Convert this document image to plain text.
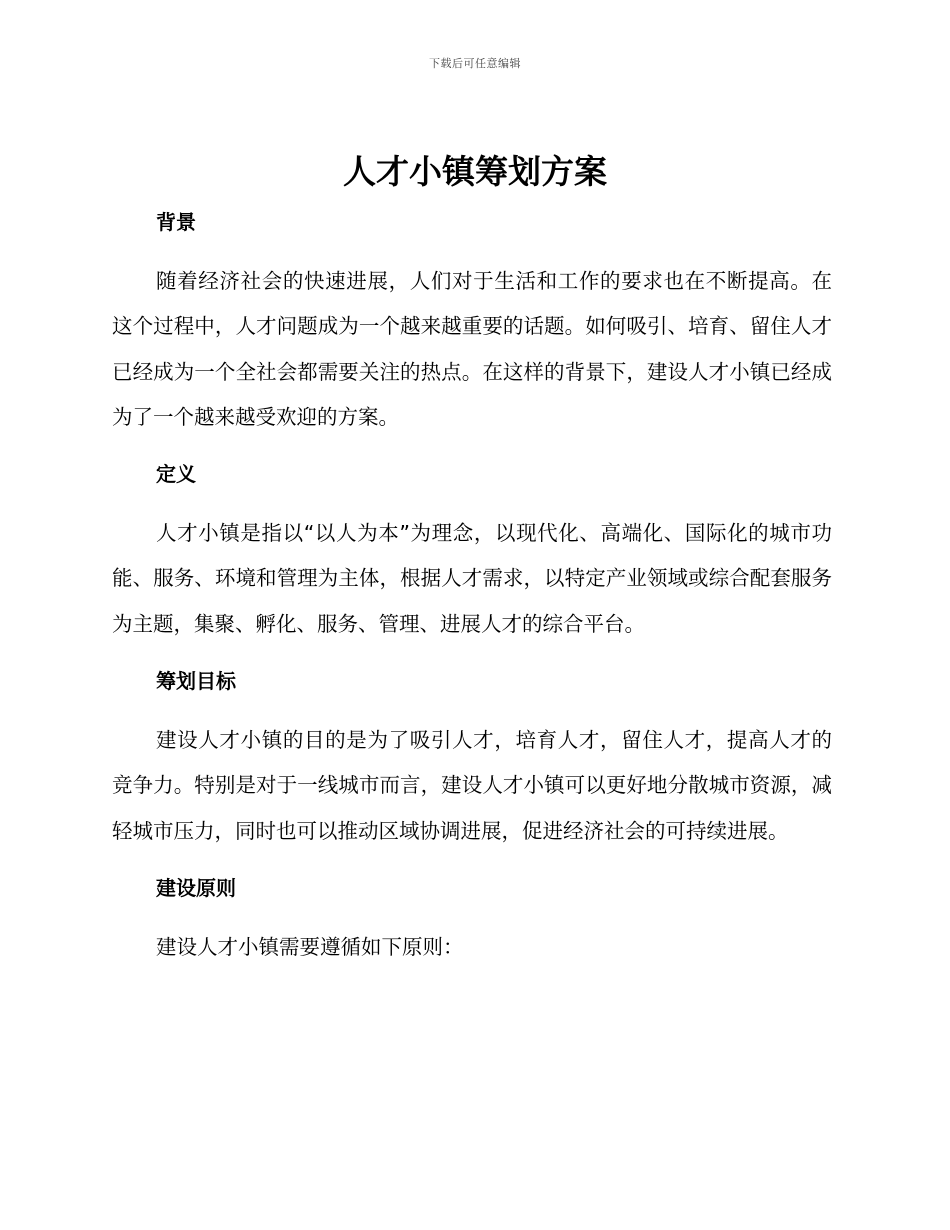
下载后可任意编辑
人才小镇筹划方案
背景

随着经济社会的快速进展，人们对于生活和工作的要求也在不断提高。在这个过程中，人才问题成为一个越来越重要的话题。如何吸引、培育、留住人才已经成为一个全社会都需要关注的热点。在这样的背景下，建设人才小镇已经成为了一个越来越受欢迎的方案。

定义

人才小镇是指以“以人为本”为理念，以现代化、高端化、国际化的城市功能、服务、环境和管理为主体，根据人才需求，以特定产业领域或综合配套服务为主题，集聚、孵化、服务、管理、进展人才的综合平台。

筹划目标

建设人才小镇的目的是为了吸引人才，培育人才，留住人才，提高人才的竞争力。特别是对于一线城市而言，建设人才小镇可以更好地分散城市资源，减轻城市压力，同时也可以推动区域协调进展，促进经济社会的可持续进展。

建设原则

建设人才小镇需要遵循如下原则：
